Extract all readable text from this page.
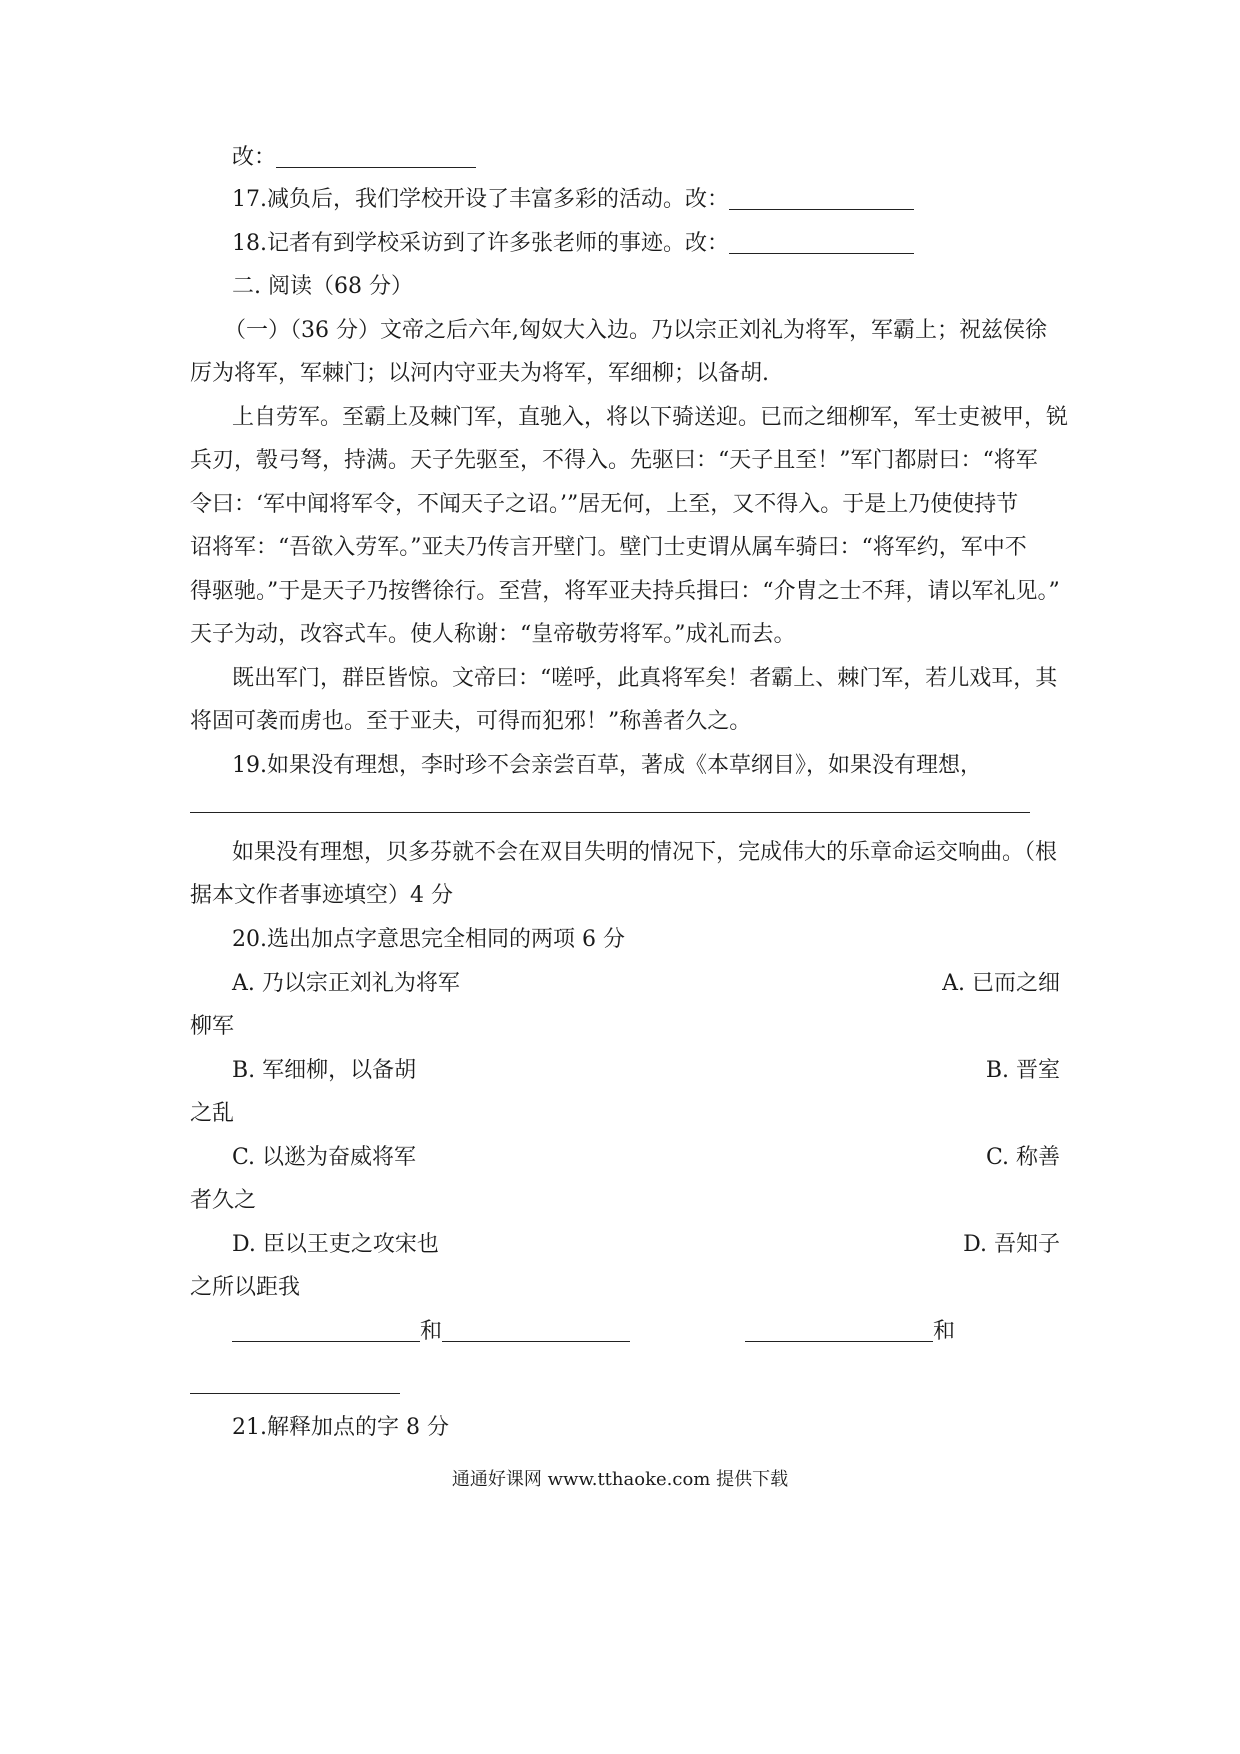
改：
17.减负后，我们学校开设了丰富多彩的活动。改：
18.记者有到学校采访到了许多张老师的事迹。改：
二. 阅读（68 分）
（一）（36 分）文帝之后六年,匈奴大入边。乃以宗正刘礼为将军，军霸上；祝兹侯徐
厉为将军，军棘门；以河内守亚夫为将军，军细柳；以备胡.
上自劳军。至霸上及棘门军，直驰入，将以下骑送迎。已而之细柳军，军士吏被甲，锐
兵刃，彀弓弩，持满。天子先驱至，不得入。先驱曰：“天子且至！”军门都尉曰：“将军
令曰：‘军中闻将军令，不闻天子之诏。’”居无何，上至，又不得入。于是上乃使使持节
诏将军：“吾欲入劳军。”亚夫乃传言开壁门。壁门士吏谓从属车骑曰：“将军约，军中不
得驱驰。”于是天子乃按辔徐行。至营，将军亚夫持兵揖曰：“介胄之士不拜，请以军礼见。”
天子为动，改容式车。使人称谢：“皇帝敬劳将军。”成礼而去。
既出军门，群臣皆惊。文帝曰：“嗟呼，此真将军矣！者霸上、棘门军，若儿戏耳，其
将固可袭而虏也。至于亚夫，可得而犯邪！”称善者久之。
19.如果没有理想，李时珍不会亲尝百草，著成《本草纲目》，如果没有理想，
如果没有理想，贝多芬就不会在双目失明的情况下，完成伟大的乐章命运交响曲。（根
据本文作者事迹填空）4 分
20.选出加点字意思完全相同的两项 6 分
A. 乃以宗正刘礼为将军	A. 已而之细
柳军
B. 军细柳，以备胡	B. 晋室
之乱
C. 以逖为奋威将军	C. 称善
者久之
D. 臣以王吏之攻宋也	D. 吾知子
之所以距我
和	和
21.解释加点的字 8 分
通通好课网 www.tthaoke.com 提供下载
